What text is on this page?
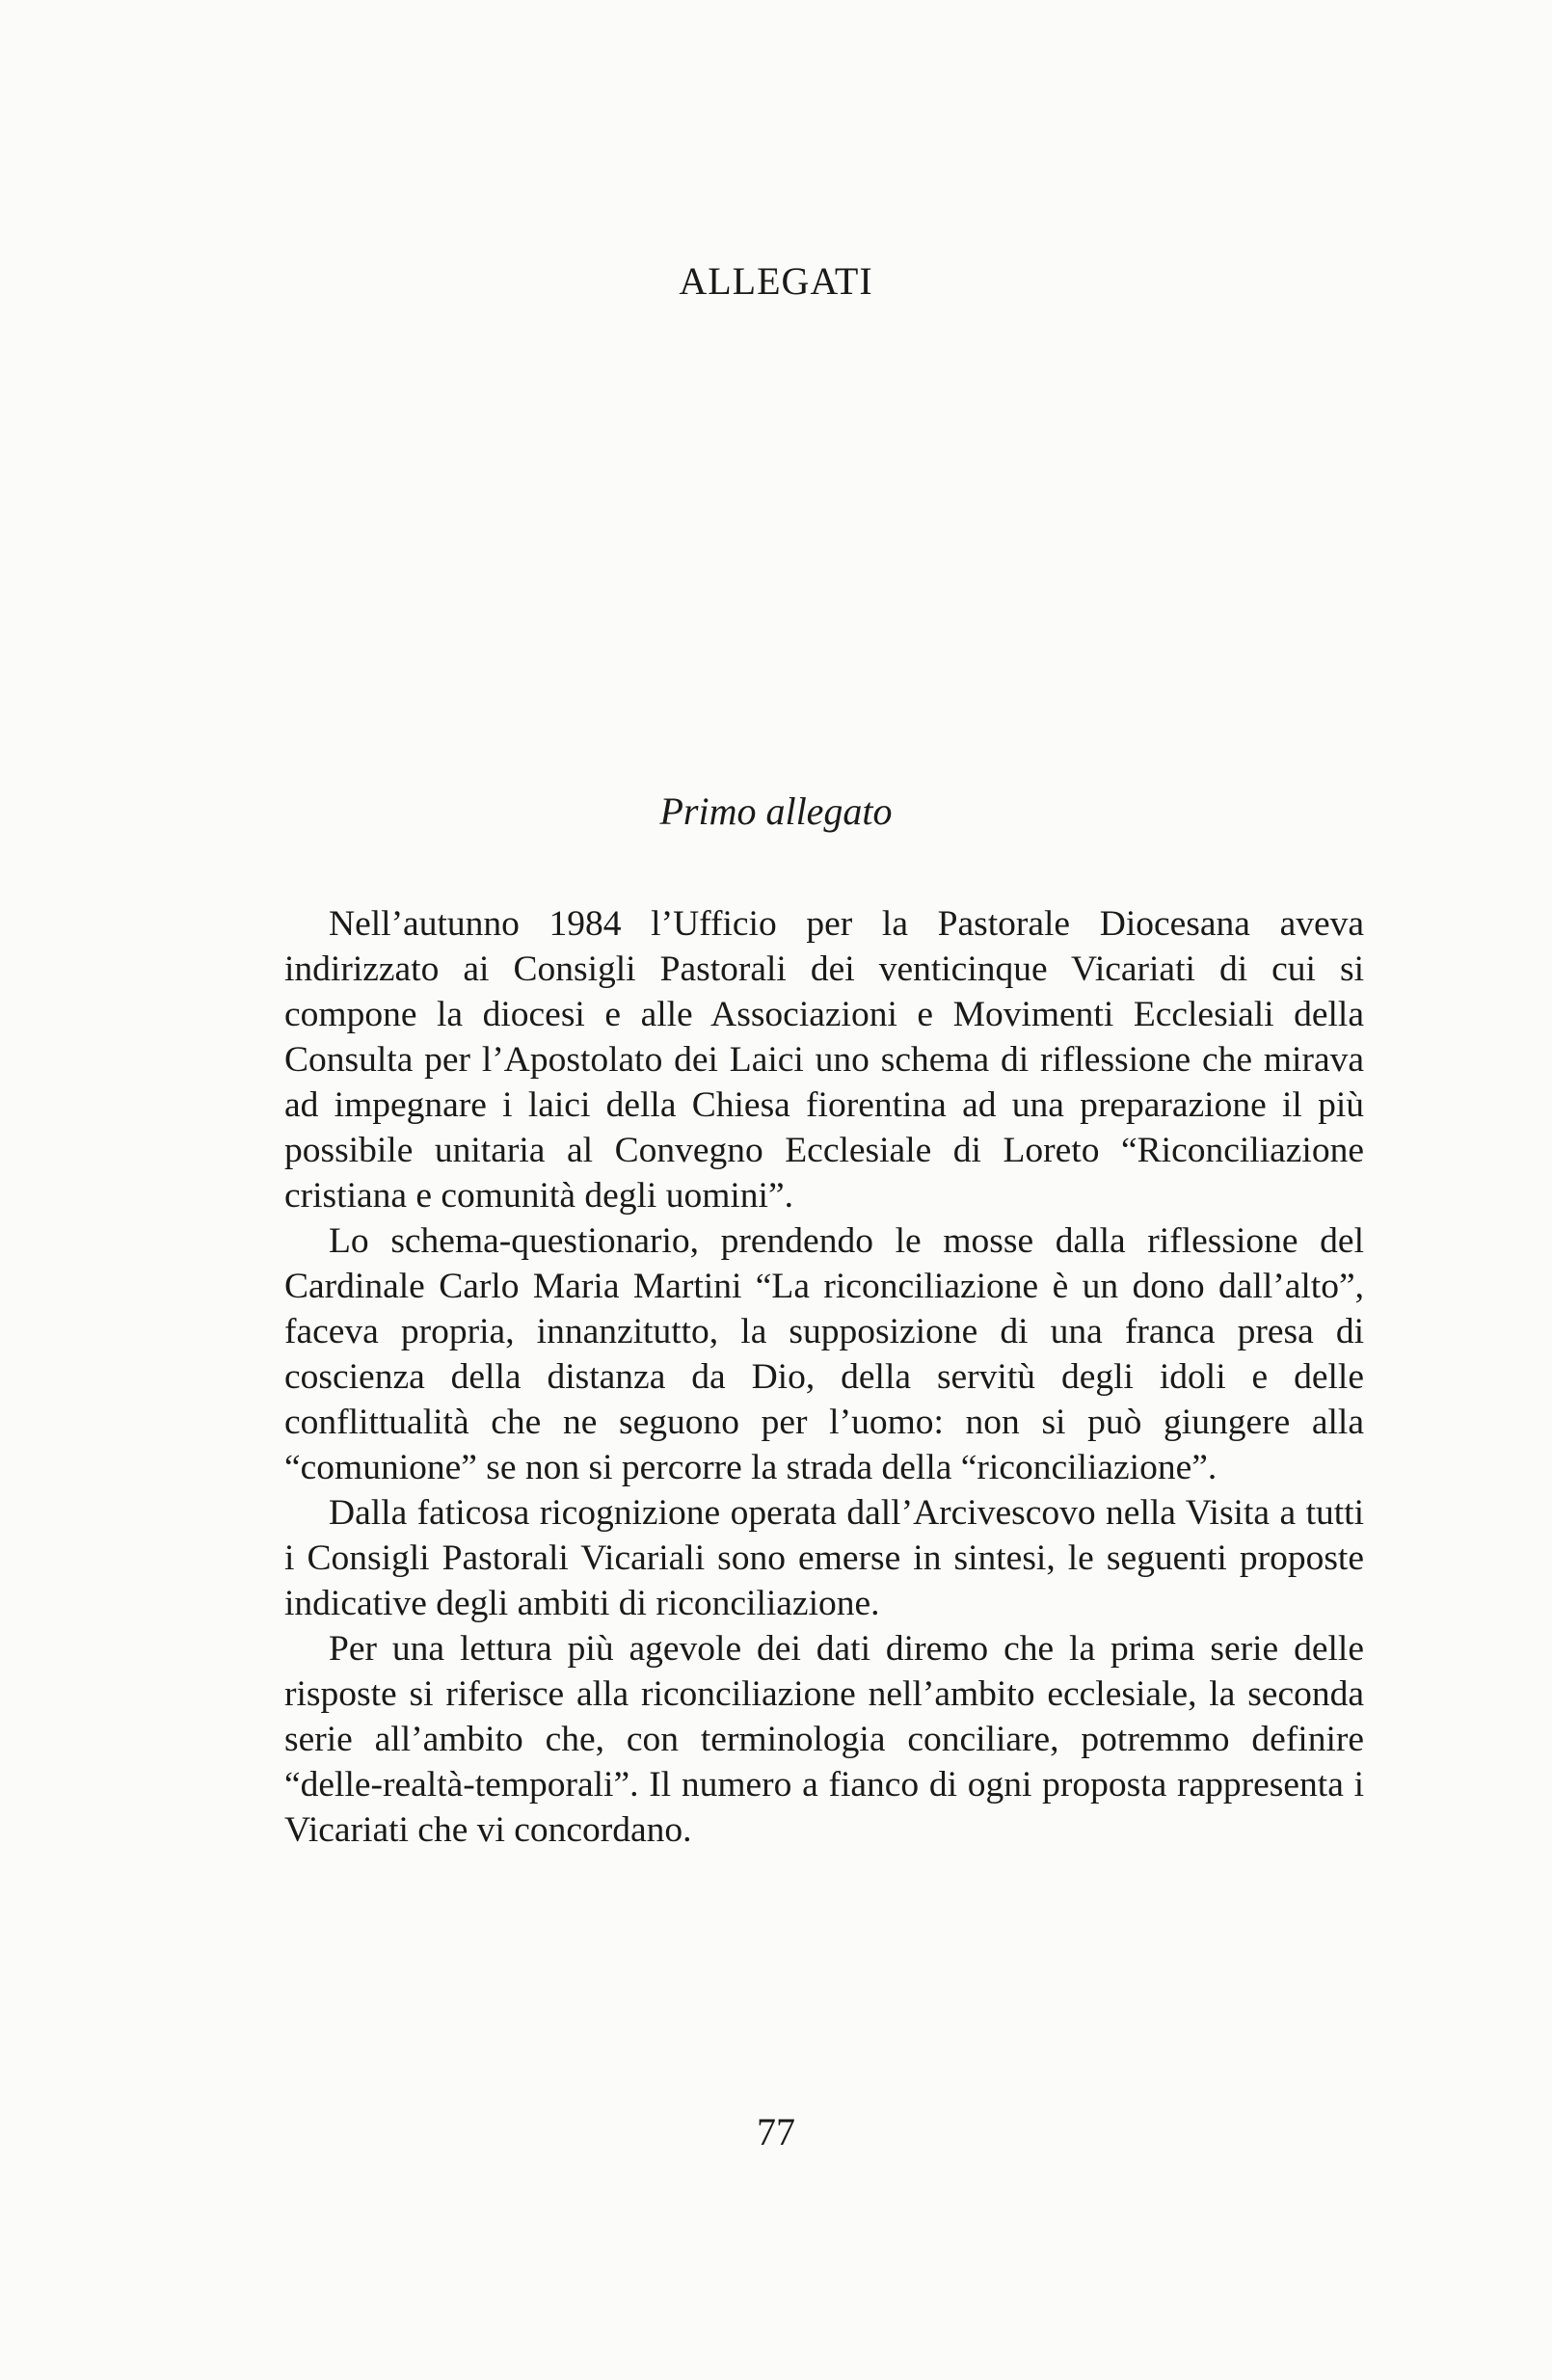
ALLEGATI
Primo allegato

Nell’autunno 1984 l’Ufficio per la Pastorale Diocesana aveva indirizzato ai Consigli Pastorali dei venticinque Vicariati di cui si compone la diocesi e alle Associazioni e Movimenti Ecclesiali della Consulta per l’Apostolato dei Laici uno schema di riflessione che mirava ad impegnare i laici della Chiesa fiorentina ad una preparazione il più possibile unitaria al Convegno Ecclesiale di Loreto “Riconciliazione cristiana e comunità degli uomini”.

Lo schema-questionario, prendendo le mosse dalla riflessione del Cardinale Carlo Maria Martini “La riconciliazione è un dono dall’alto”, faceva propria, innanzitutto, la supposizione di una franca presa di coscienza della distanza da Dio, della servitù degli idoli e delle conflittualità che ne seguono per l’uomo: non si può giungere alla “comunione” se non si percorre la strada della “riconciliazione”.

Dalla faticosa ricognizione operata dall’Arcivescovo nella Visita a tutti i Consigli Pastorali Vicariali sono emerse in sintesi, le seguenti proposte indicative degli ambiti di riconciliazione.

Per una lettura più agevole dei dati diremo che la prima serie delle risposte si riferisce alla riconciliazione nell’ambito ecclesiale, la seconda serie all’ambito che, con terminologia conciliare, potremmo definire “delle-realtà-temporali”. Il numero a fianco di ogni proposta rappresenta i Vicariati che vi concordano.

77
